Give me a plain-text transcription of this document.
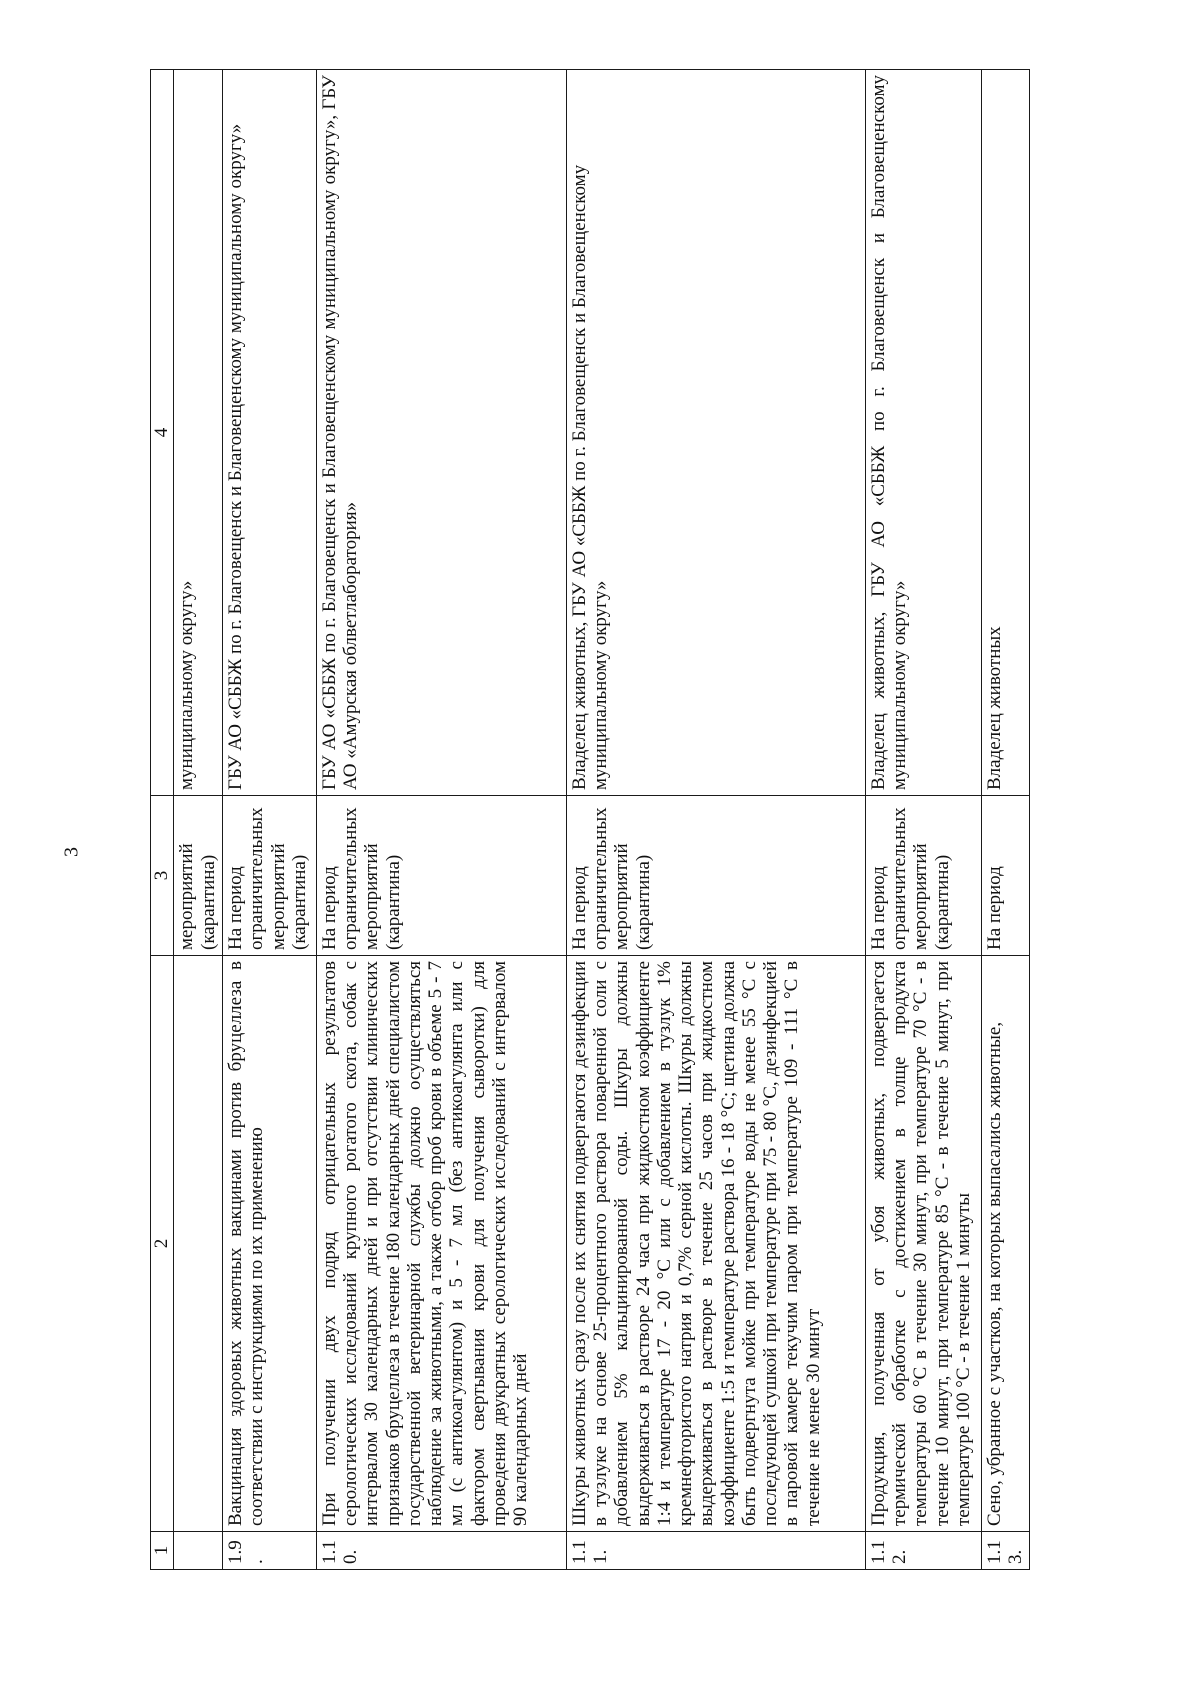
3
1	2	3	4
		мероприятий (карантина)	муниципальному округу»
1.9.	Вакцинация здоровых животных вакцинами против бруцеллеза в соответствии с инструкциями по их применению	На период ограничительных мероприятий (карантина)	ГБУ АО «СББЖ по г. Благовещенск и Благовещенскому муниципальному округу»
1.10.	При получении двух подряд отрицательных результатов серологических исследований крупного рогатого скота, собак с интервалом 30 календарных дней и при отсутствии клинических признаков бруцеллеза в течение 180 календарных дней специалистом государственной ветеринарной службы должно осуществляться наблюдение за животными, а также отбор проб крови в объеме 5 - 7 мл (с антикоагулянтом) и 5 - 7 мл (без антикоагулянта или с фактором свертывания крови для получения сыворотки) для проведения двукратных серологических исследований с интервалом 90 календарных дней	На период ограничительных мероприятий (карантина)	ГБУ АО «СББЖ по г. Благовещенск и Благовещенскому муниципальному округу», ГБУ АО «Амурская облветлаборатория»
1.11.	Шкуры животных сразу после их снятия подвергаются дезинфекции в тузлуке на основе 25-процентного раствора поваренной соли с добавлением 5% кальцинированной соды. Шкуры должны выдерживаться в растворе 24 часа при жидкостном коэффициенте 1:4 и температуре 17 - 20 °С или с добавлением в тузлук 1% кремнефтористого натрия и 0,7% серной кислоты. Шкуры должны выдерживаться в растворе в течение 25 часов при жидкостном коэффициенте 1:5 и температуре раствора 16 - 18 °С; щетина должна быть подвергнута мойке при температуре воды не менее 55 °С с последующей сушкой при температуре при 75 - 80 °С, дезинфекцией в паровой камере текучим паром при температуре 109 - 111 °С в течение не менее 30 минут	На период ограничительных мероприятий (карантина)	Владелец животных, ГБУ АО «СББЖ по г. Благовещенск и Благовещенскому муниципальному округу»
1.12.	Продукция, полученная от убоя животных, подвергается термической обработке с достижением в толще продукта температуры 60 °С в течение 30 минут, при температуре 70 °С - в течение 10 минут, при температуре 85 °С - в течение 5 минут, при температуре 100 °С - в течение 1 минуты	На период ограничительных мероприятий (карантина)	Владелец животных, ГБУ АО «СББЖ по г. Благовещенск и Благовещенскому муниципальному округу»
1.13.	Сено, убранное с участков, на которых выпасались животные,	На период	Владелец животных
